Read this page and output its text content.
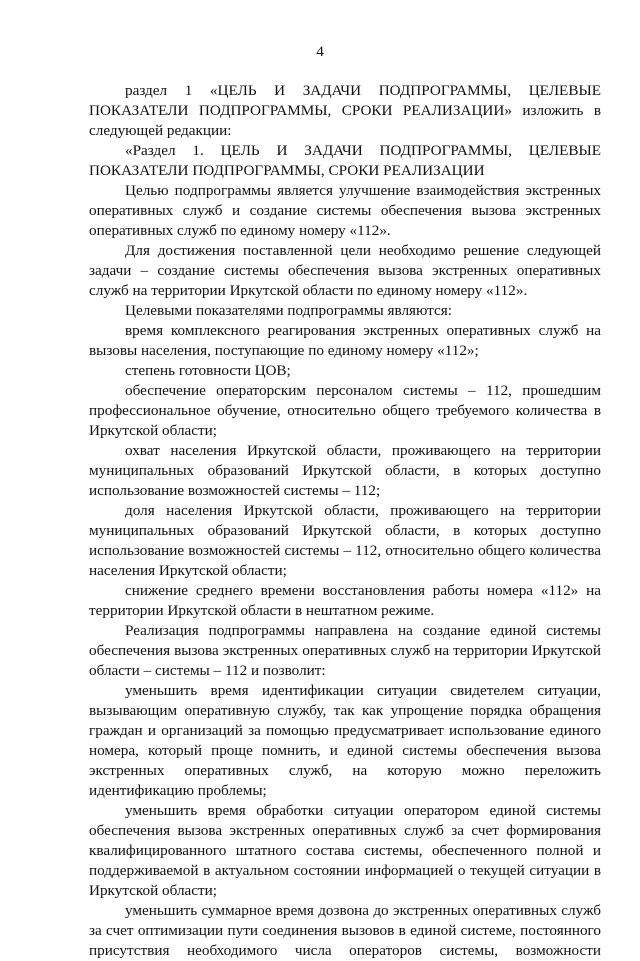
4

раздел 1 «ЦЕЛЬ И ЗАДАЧИ ПОДПРОГРАММЫ, ЦЕЛЕВЫЕ ПОКАЗАТЕЛИ ПОДПРОГРАММЫ, СРОКИ РЕАЛИЗАЦИИ» изложить в следующей редакции:

«Раздел 1. ЦЕЛЬ И ЗАДАЧИ ПОДПРОГРАММЫ, ЦЕЛЕВЫЕ ПОКАЗАТЕЛИ ПОДПРОГРАММЫ, СРОКИ РЕАЛИЗАЦИИ

Целью подпрограммы является улучшение взаимодействия экстренных оперативных служб и создание системы обеспечения вызова экстренных оперативных служб по единому номеру «112».

Для достижения поставленной цели необходимо решение следующей задачи – создание системы обеспечения вызова экстренных оперативных служб на территории Иркутской области по единому номеру «112».

Целевыми показателями подпрограммы являются:

время комплексного реагирования экстренных оперативных служб на вызовы населения, поступающие по единому номеру «112»;

степень готовности ЦОВ;

обеспечение операторским персоналом системы – 112, прошедшим профессиональное обучение, относительно общего требуемого количества в Иркутской области;

охват населения Иркутской области, проживающего на территории муниципальных образований Иркутской области, в которых доступно использование возможностей системы – 112;

доля населения Иркутской области, проживающего на территории муниципальных образований Иркутской области, в которых доступно использование возможностей системы – 112, относительно общего количества населения Иркутской области;

снижение среднего времени восстановления работы номера «112» на территории Иркутской области в нештатном режиме.

Реализация подпрограммы направлена на создание единой системы обеспечения вызова экстренных оперативных служб на территории Иркутской области – системы – 112 и позволит:

уменьшить время идентификации ситуации свидетелем ситуации, вызывающим оперативную службу, так как упрощение порядка обращения граждан и организаций за помощью предусматривает использование единого номера, который проще помнить, и единой системы обеспечения вызова экстренных оперативных служб, на которую можно переложить идентификацию проблемы;

уменьшить время обработки ситуации оператором единой системы обеспечения вызова экстренных оперативных служб за счет формирования квалифицированного штатного состава системы, обеспеченного полной и поддерживаемой в актуальном состоянии информацией о текущей ситуации в Иркутской области;

уменьшить суммарное время дозвона до экстренных оперативных служб за счет оптимизации пути соединения вызовов в единой системе, постоянного присутствия необходимого числа операторов системы, возможности
